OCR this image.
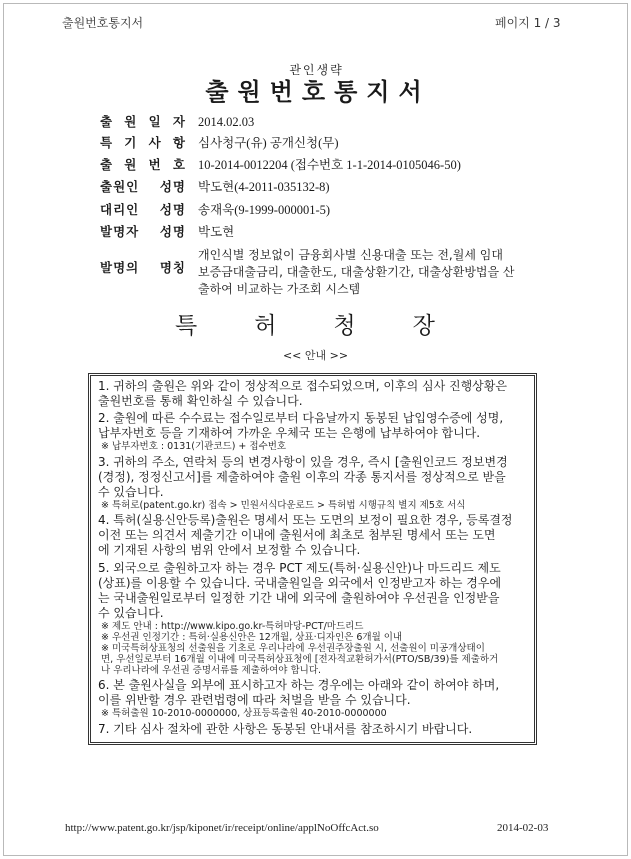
출원번호통지서	페이지 1 / 3
관인생략
출원번호통지서
출 원 일 자 2014.02.03
특 기 사 항 심사청구(유) 공개신청(무)
출 원 번 호 10-2014-0012204 (접수번호 1-1-2014-0105046-50)
출원인 성명 박도현(4-2011-035132-8)
대리인 성명 송재욱(9-1999-000001-5)
발명자 성명 박도현
발명의 명칭
개인식별 정보없이 금융회사별 신용대출 또는 전,월세 임대
보증금대출금리, 대출한도, 대출상환기간, 대출상환방법을 산
출하여 비교하는 가조회 시스템
특허청장
<< 안내 >>
1. 귀하의 출원은 위와 같이 정상적으로 접수되었으며, 이후의 심사 진행상황은
출원번호를 통해 확인하실 수 있습니다.
2. 출원에 따른 수수료는 접수일로부터 다음날까지 동봉된 납입영수증에 성명,
납부자번호 등을 기재하여 가까운 우체국 또는 은행에 납부하여야 합니다.
※ 납부자번호 : 0131(기관코드) + 접수번호
3. 귀하의 주소, 연락처 등의 변경사항이 있을 경우, 즉시 [출원인코드 정보변경
(경정), 정정신고서]를 제출하여야 출원 이후의 각종 통지서를 정상적으로 받을
수 있습니다.
※ 특허로(patent.go.kr) 접속 > 민원서식다운로드 > 특허법 시행규칙 별지 제5호 서식
4. 특허(실용신안등록)출원은 명세서 또는 도면의 보정이 필요한 경우, 등록결정
이전 또는 의견서 제출기간 이내에 출원서에 최초로 첨부된 명세서 또는 도면
에 기재된 사항의 범위 안에서 보정할 수 있습니다.
5. 외국으로 출원하고자 하는 경우 PCT 제도(특허·실용신안)나 마드리드 제도
(상표)를 이용할 수 있습니다. 국내출원일을 외국에서 인정받고자 하는 경우에
는 국내출원일로부터 일정한 기간 내에 외국에 출원하여야 우선권을 인정받을
수 있습니다.
※ 제도 안내 : http://www.kipo.go.kr-특허마당-PCT/마드리드
※ 우선권 인정기간 : 특허·실용신안은 12개월, 상표·디자인은 6개월 이내
※ 미국특허상표청의 선출원을 기초로 우리나라에 우선권주장출원 시, 선출원이 미공개상태이
면, 우선일로부터 16개월 이내에 미국특허상표청에 [전자적교환허가서(PTO/SB/39)를 제출하거
나 우리나라에 우선권 증명서류를 제출하여야 합니다.
6. 본 출원사실을 외부에 표시하고자 하는 경우에는 아래와 같이 하여야 하며,
이를 위반할 경우 관련법령에 따라 처벌을 받을 수 있습니다.
※ 특허출원 10-2010-0000000, 상표등록출원 40-2010-0000000
7. 기타 심사 절차에 관한 사항은 동봉된 안내서를 참조하시기 바랍니다.
http://www.patent.go.kr/jsp/kiponet/ir/receipt/online/applNoOffcAct.so	2014-02-03
